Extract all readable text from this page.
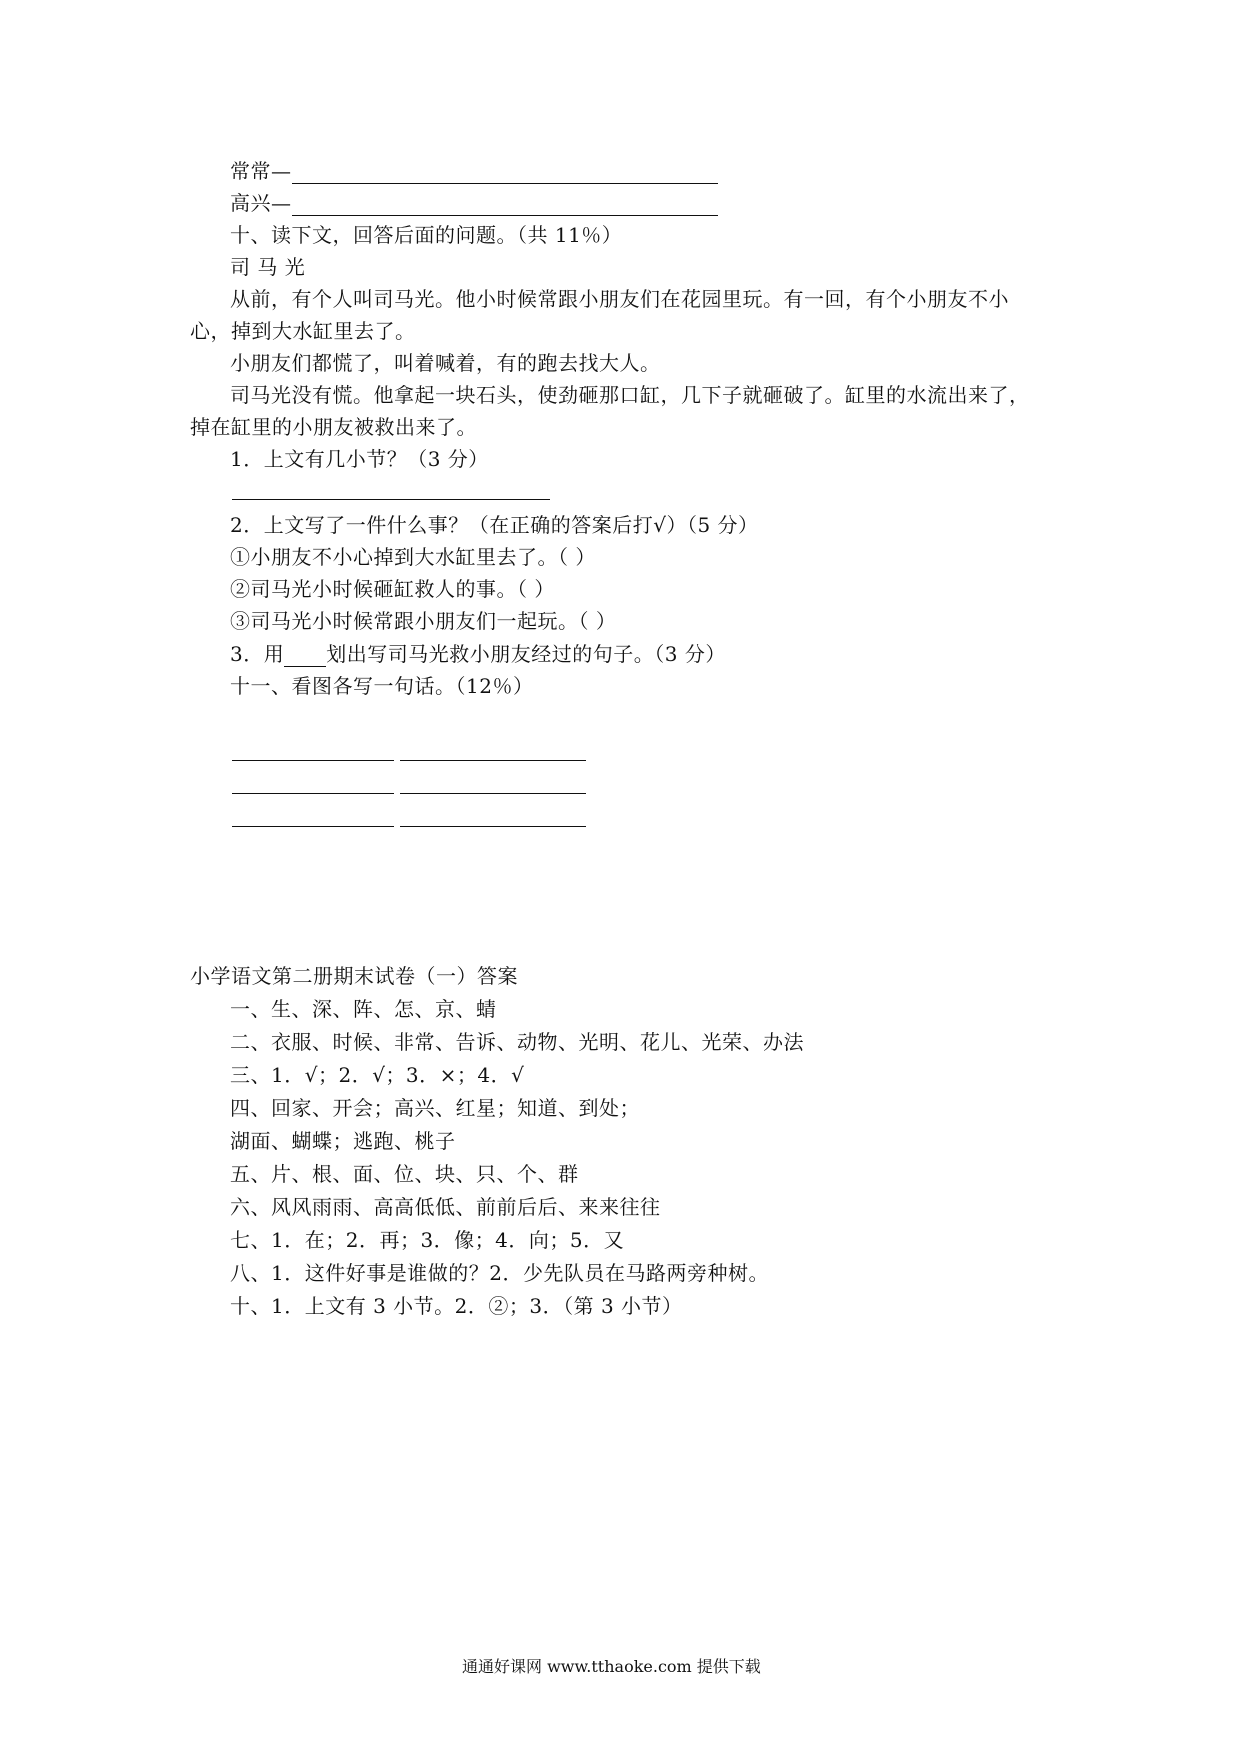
常常—
高兴—
十、读下文，回答后面的问题。（共 11％）
司 马 光
从前，有个人叫司马光。他小时候常跟小朋友们在花园里玩。有一回，有个小朋友不小
心，掉到大水缸里去了。
小朋友们都慌了，叫着喊着，有的跑去找大人。
司马光没有慌。他拿起一块石头，使劲砸那口缸，几下子就砸破了。缸里的水流出来了，
掉在缸里的小朋友被救出来了。
1．上文有几小节？（3 分）
2．上文写了一件什么事？（在正确的答案后打√）（5 分）
①小朋友不小心掉到大水缸里去了。（ ）
②司马光小时候砸缸救人的事。（ ）
③司马光小时候常跟小朋友们一起玩。（ ）
3．用 划出写司马光救小朋友经过的句子。（3 分）
十一、看图各写一句话。（12％）
小学语文第二册期末试卷（一）答案
一、生、深、阵、怎、京、蜻
二、衣服、时候、非常、告诉、动物、光明、花儿、光荣、办法
三、1．√；2．√；3．×；4．√
四、回家、开会；高兴、红星；知道、到处；
湖面、蝴蝶；逃跑、桃子
五、片、根、面、位、块、只、个、群
六、风风雨雨、高高低低、前前后后、来来往往
七、1．在；2．再；3．像；4．向；5．又
八、1．这件好事是谁做的？2．少先队员在马路两旁种树。
十、1．上文有 3 小节。2．②；3．（第 3 小节）
通通好课网 www.tthaoke.com 提供下载
